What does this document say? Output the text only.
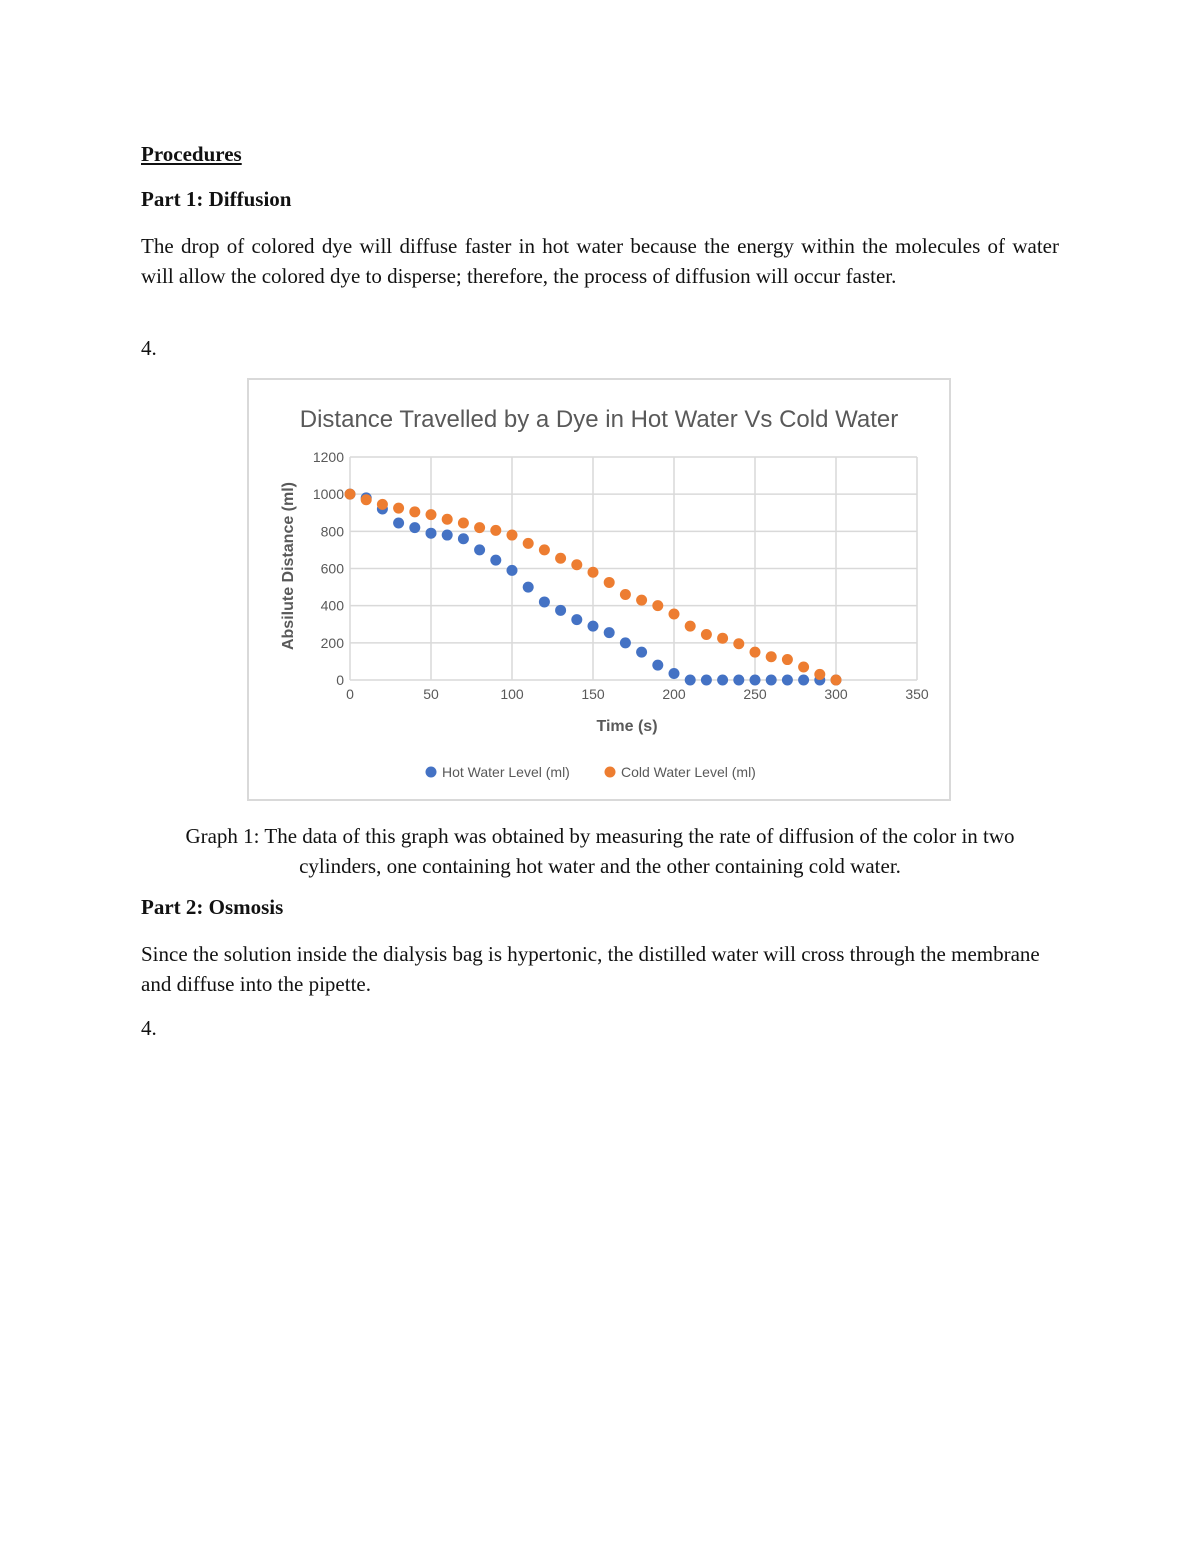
Procedures
Part 1: Diffusion
The drop of colored dye will diffuse faster in hot water because the energy within the molecules of water will allow the colored dye to disperse; therefore, the process of diffusion will occur faster.
4.
Distance Travelled by a Dye in Hot Water Vs Cold Water
0	50	100	150	200	250	300	350
0
200
400
600
800
1000
1200
Time (s)
Absilute Distance (ml)
Hot Water Level (ml)	Cold Water Level (ml)
Graph 1: The data of this graph was obtained by measuring the rate of diffusion of the color in two cylinders, one containing hot water and the other containing cold water.
Part 2: Osmosis
Since the solution inside the dialysis bag is hypertonic, the distilled water will cross through the membrane and diffuse into the pipette.
4.
